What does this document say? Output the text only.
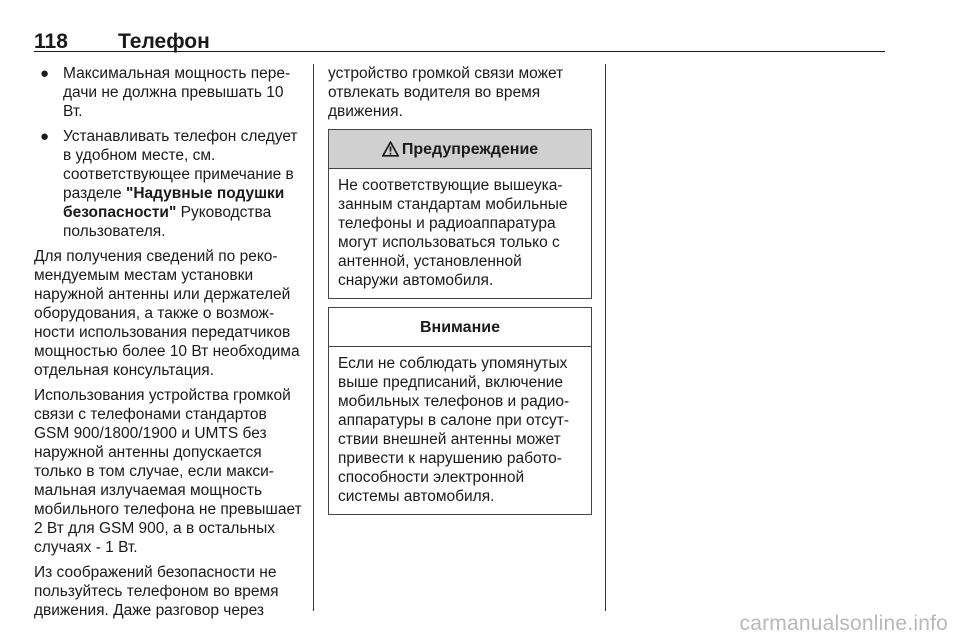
118	Телефон
● Максимальная мощность передачи не должна превышать 10 Вт.
● Устанавливать телефон следует в удобном месте, см. соответствующее примечание в разделе "Надувные подушки безопасности" Руководства пользователя.

Для получения сведений по рекомендуемым местам установки наружной антенны или держателей оборудования, а также о возможности использования передатчиков мощностью более 10 Вт необходима отдельная консультация.

Использования устройства громкой связи с телефонами стандартов GSM 900/1800/1900 и UMTS без наружной антенны допускается только в том случае, если максимальная излучаемая мощность мобильного телефона не превышает 2 Вт для GSM 900, а в остальных случаях - 1 Вт.

Из соображений безопасности не пользуйтесь телефоном во время движения. Даже разговор через

устройство громкой связи может отвлекать водителя во время движения.

Предупреждение
Не соответствующие вышеуказанным стандартам мобильные телефоны и радиоаппаратура могут использоваться только с антенной, установленной снаружи автомобиля.
Внимание
Если не соблюдать упомянутых выше предписаний, включение мобильных телефонов и радиоаппаратуры в салоне при отсутствии внешней антенны может привести к нарушению работоспособности электронной системы автомобиля.
carmanualsonline.info
